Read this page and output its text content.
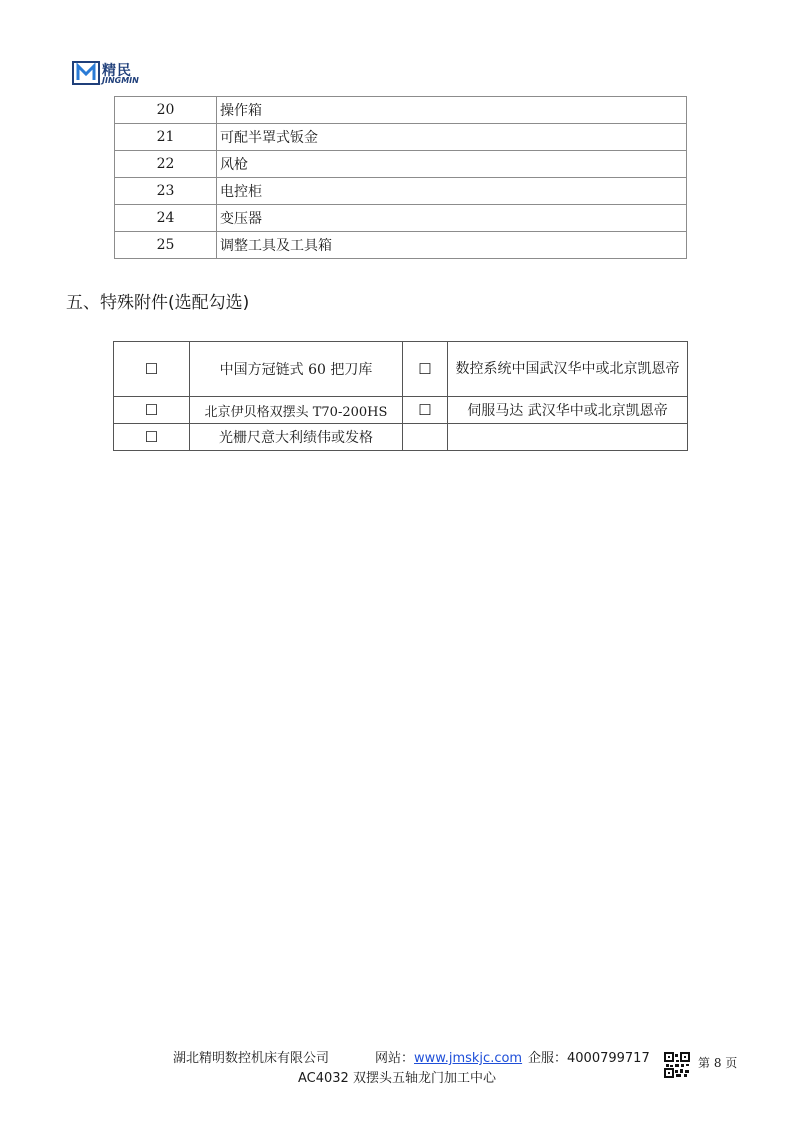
精民
JINGMIN
20	操作箱
21	可配半罩式钣金
22	风枪
23	电控柜
24	变压器
25	调整工具及工具箱
五、特殊附件(选配勾选)
☐	中国方冠链式 60 把刀库	☐	数控系统中国武汉华中或北京凯恩帝

☐	北京伊贝格双摆头 T70-200HS	☐	伺服马达 武汉华中或北京凯恩帝
☐	光栅尺意大利绩伟或发格		
湖北精明数控机床有限公司	网站：www.jmskjc.com 企服：4000799717
AC4032 双摆头五轴龙门加工中心
第 8 页
